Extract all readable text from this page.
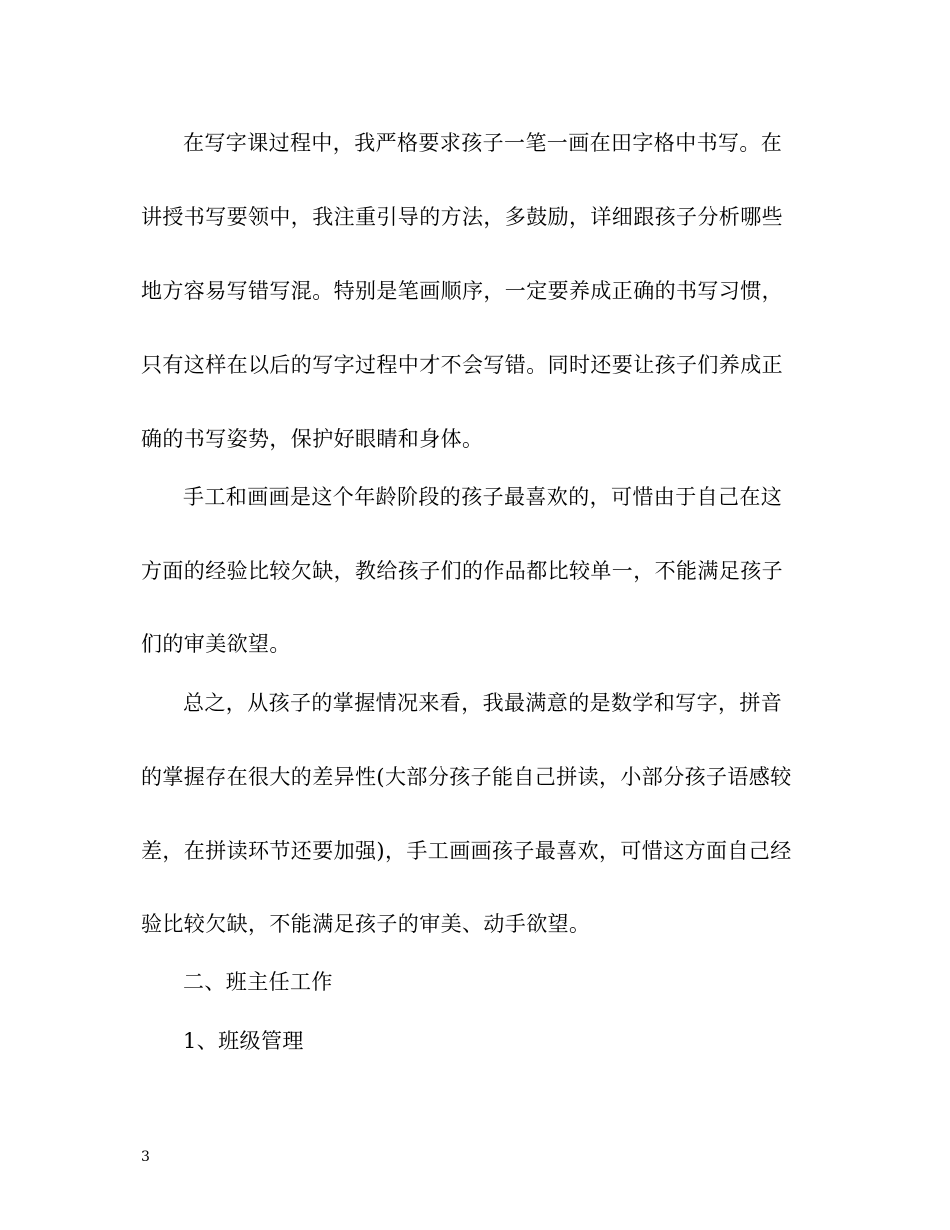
在写字课过程中，我严格要求孩子一笔一画在田字格中书写。在
讲授书写要领中，我注重引导的方法，多鼓励，详细跟孩子分析哪些
地方容易写错写混。特别是笔画顺序，一定要养成正确的书写习惯，
只有这样在以后的写字过程中才不会写错。同时还要让孩子们养成正
确的书写姿势，保护好眼睛和身体。
手工和画画是这个年龄阶段的孩子最喜欢的，可惜由于自己在这
方面的经验比较欠缺，教给孩子们的作品都比较单一，不能满足孩子
们的审美欲望。
总之，从孩子的掌握情况来看，我最满意的是数学和写字，拼音
的掌握存在很大的差异性(大部分孩子能自己拼读，小部分孩子语感较
差，在拼读环节还要加强)，手工画画孩子最喜欢，可惜这方面自己经
验比较欠缺，不能满足孩子的审美、动手欲望。
二、班主任工作
1、班级管理
3
